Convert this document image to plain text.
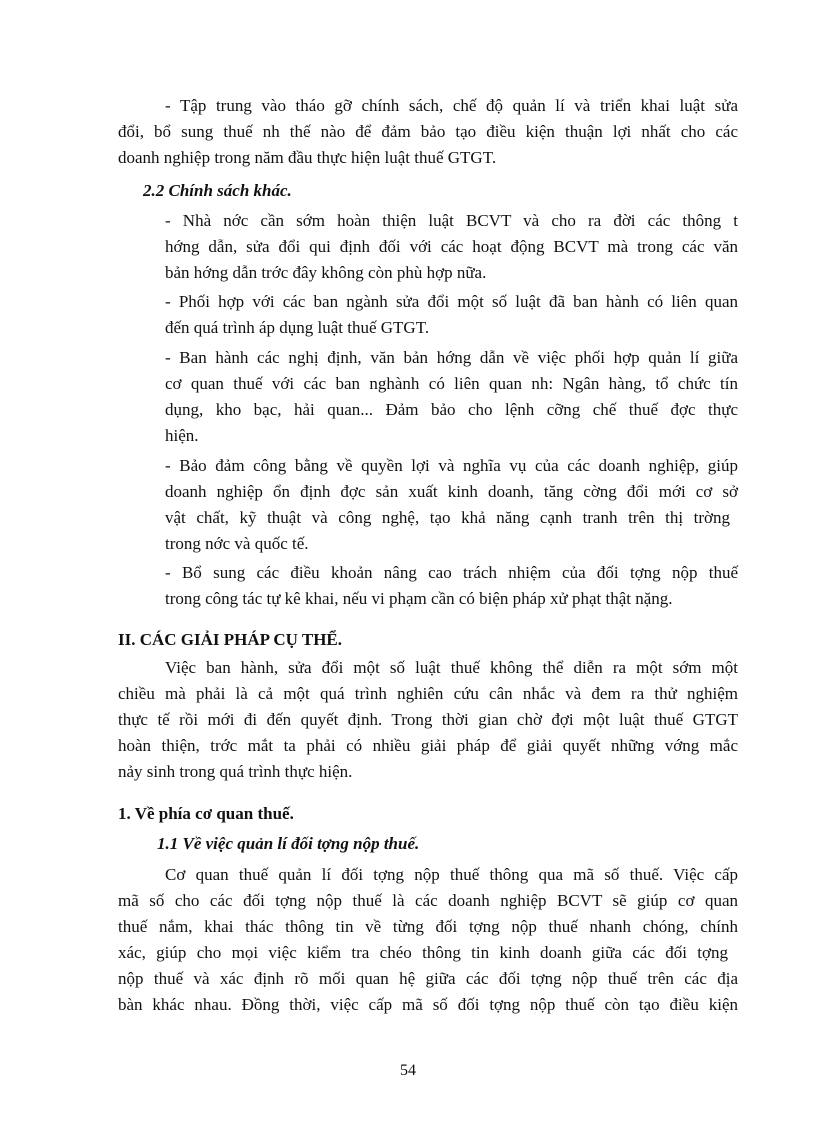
- Tập trung vào tháo gỡ chính sách, chế độ quản lí và triển khai luật sửa
đổi, bổ sung thuế nh thế nào để đảm bảo tạo điều kiện thuận lợi nhất cho các
doanh nghiệp trong năm đầu thực hiện luật thuế GTGT.
2.2 Chính sách khác.
- Nhà nớc cần sớm hoàn thiện luật BCVT và cho ra đời các thông t
hớng dẫn, sửa đổi qui định đối với các hoạt động BCVT mà trong các văn
bản hớng dẫn trớc đây không còn phù hợp nữa.
- Phối hợp với các ban ngành sửa đổi một số luật đã ban hành có liên quan
đến quá trình áp dụng luật thuế GTGT.
- Ban hành các nghị định, văn bản hớng dẫn về việc phối hợp quản lí giữa
cơ quan thuế với các ban nghành có liên quan nh: Ngân hàng, tổ chức tín
dụng, kho bạc, hải quan... Đảm bảo cho lệnh cỡng chế thuế đợc thực
hiện.
- Bảo đảm công bằng về quyền lợi và nghĩa vụ của các doanh nghiệp, giúp
doanh nghiệp ổn định đợc sản xuất kinh doanh, tăng cờng đổi mới cơ sở
vật chất, kỹ thuật và công nghệ, tạo khả năng cạnh tranh trên thị trờng
trong nớc và quốc tế.
- Bổ sung các điều khoản nâng cao trách nhiệm của đối tợng nộp thuế
trong công tác tự kê khai, nếu vi phạm cần có biện pháp xử phạt thật nặng.
II. CÁC GIẢI PHÁP CỤ THỂ.
Việc ban hành, sửa đổi một số luật thuế không thể diễn ra một sớm một
chiều mà phải là cả một quá trình nghiên cứu cân nhắc và đem ra thử nghiệm
thực tế rồi mới đi đến quyết định. Trong thời gian chờ đợi một luật thuế GTGT
hoàn thiện, trớc mắt ta phải có nhiều giải pháp để giải quyết những vớng mắc
nảy sinh trong quá trình thực hiện.
1. Về phía cơ quan thuế.
1.1 Về việc quản lí đối tợng nộp thuế.
Cơ quan thuế quản lí đối tợng nộp thuế thông qua mã số thuế. Việc cấp
mã số cho các đối tợng nộp thuế là các doanh nghiệp BCVT sẽ giúp cơ quan
thuế nắm, khai thác thông tin về từng đối tợng nộp thuế nhanh chóng, chính
xác, giúp cho mọi việc kiểm tra chéo thông tin kinh doanh giữa các đối tợng
nộp thuế và xác định rõ mối quan hệ giữa các đối tợng nộp thuế trên các địa
bàn khác nhau. Đồng thời, việc cấp mã số đối tợng nộp thuế còn tạo điều kiện
54
